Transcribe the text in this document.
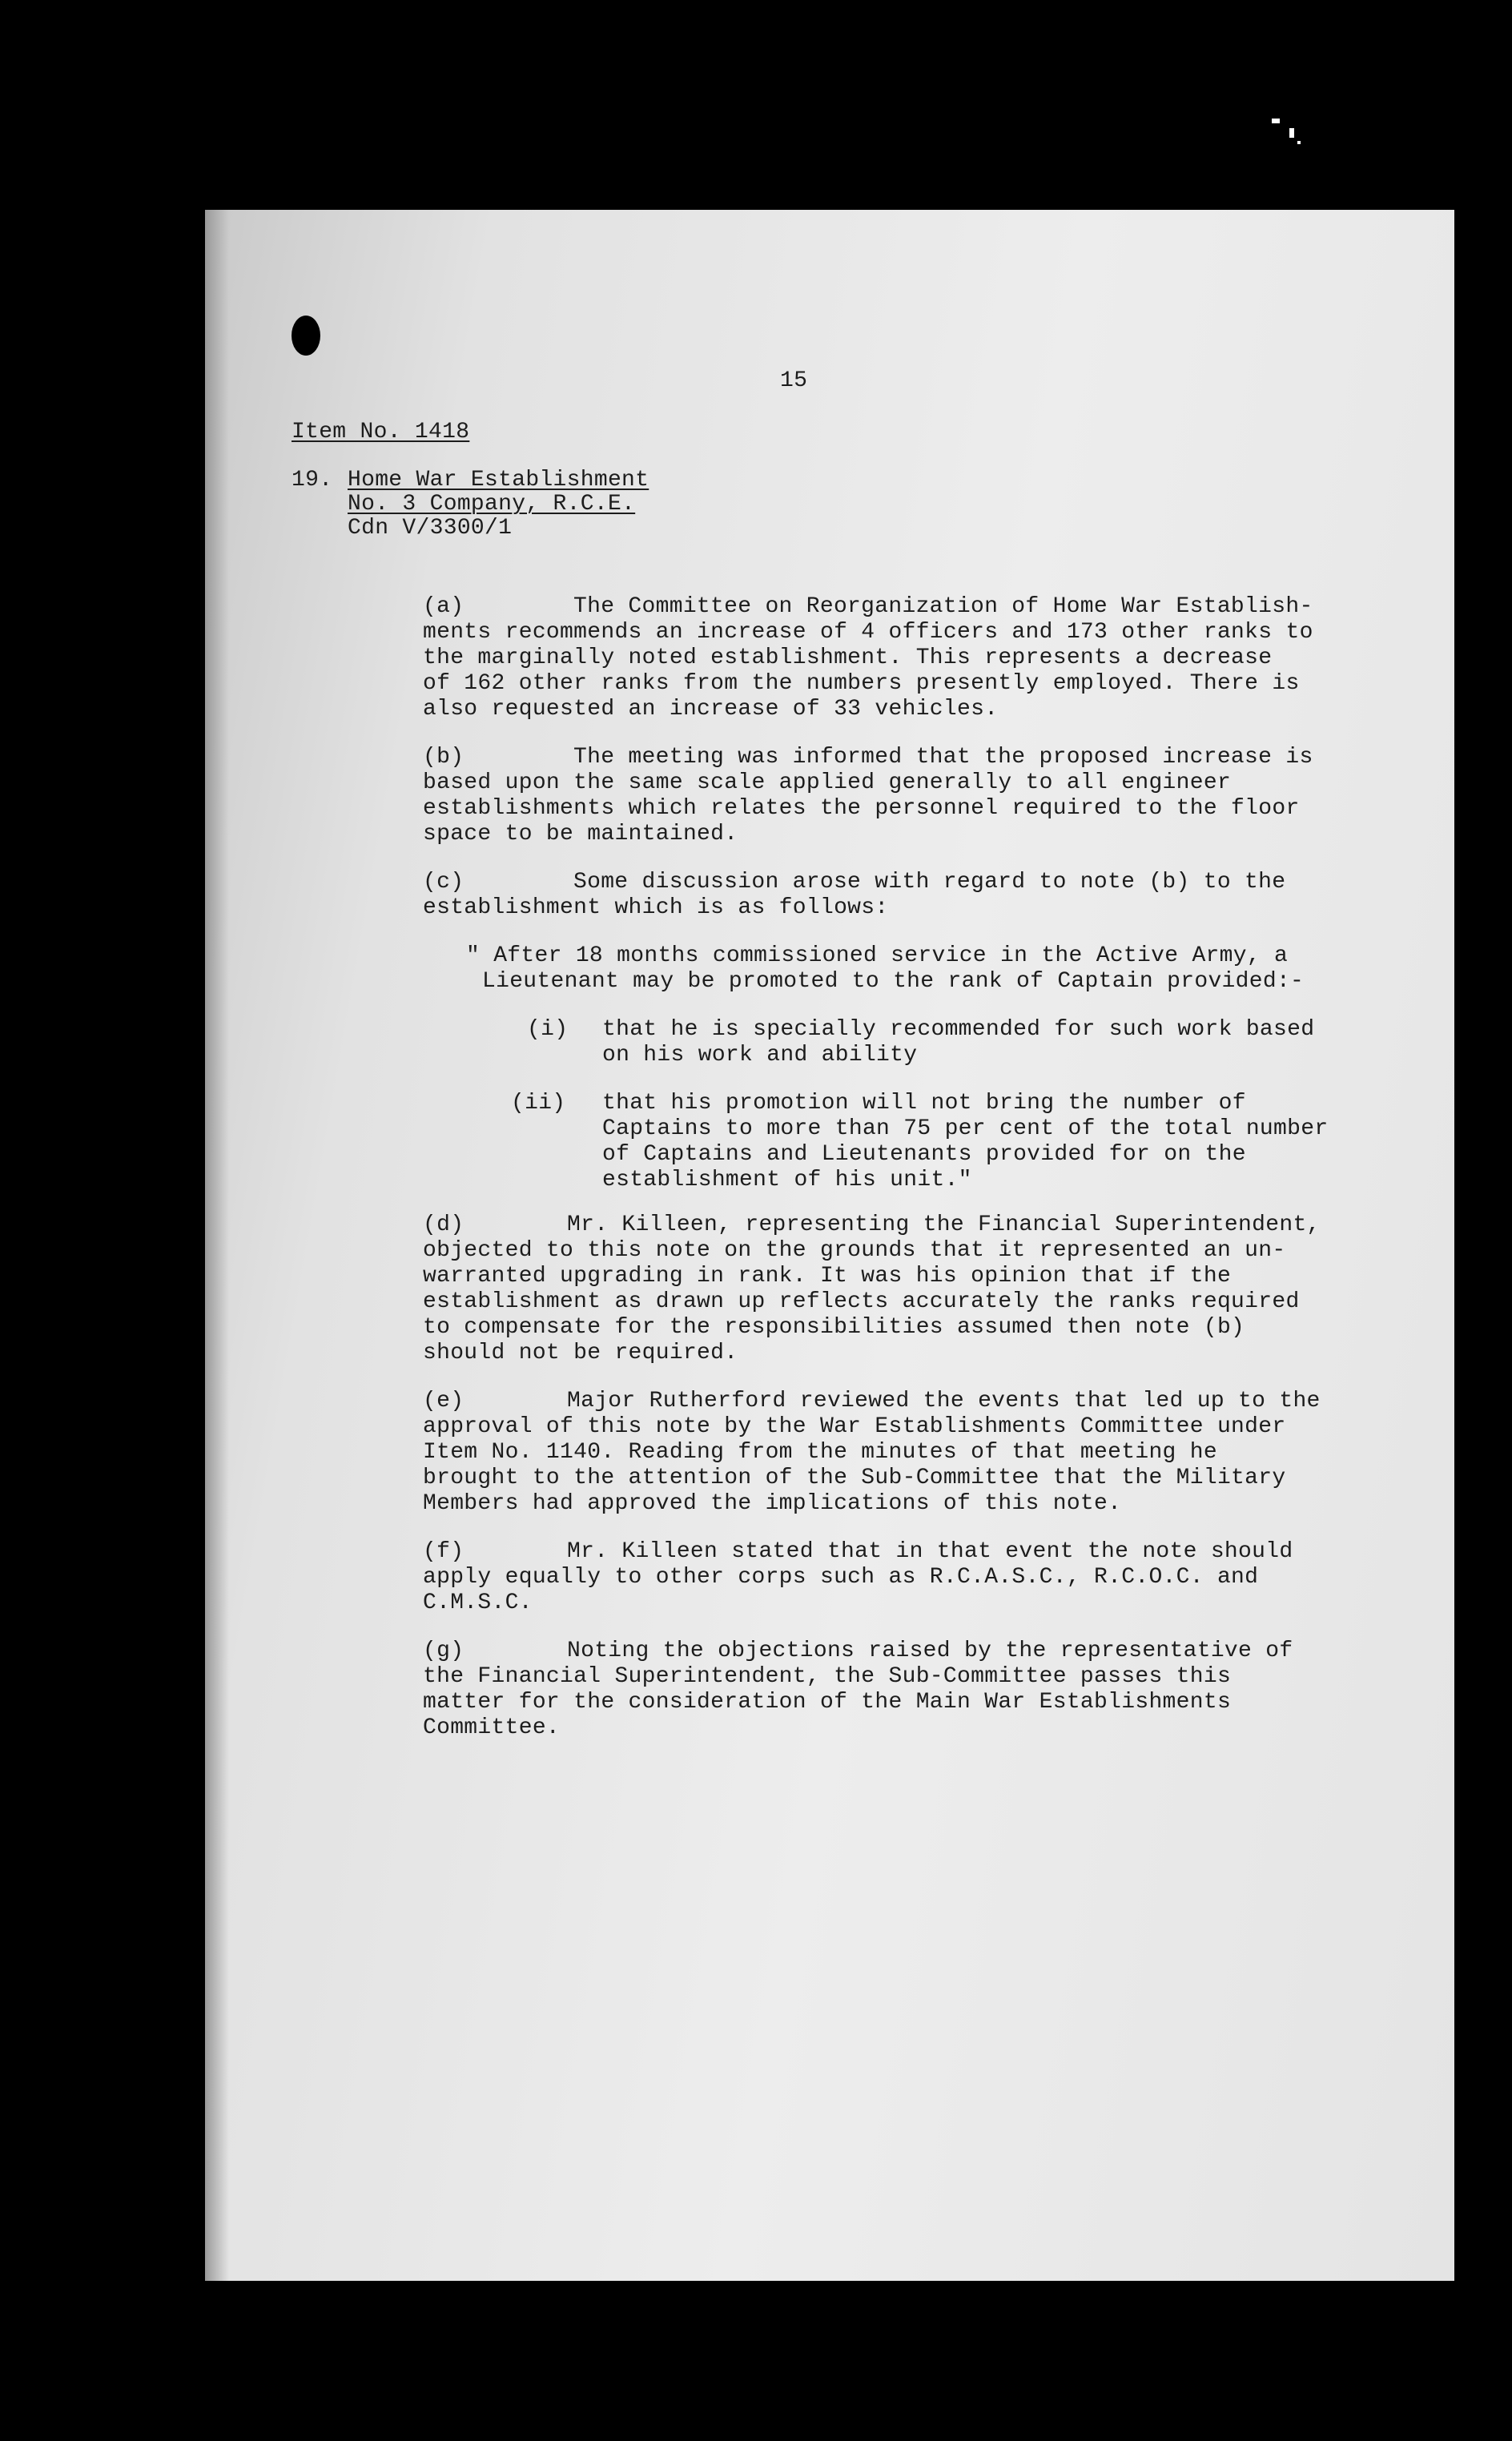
15
Item No. 1418
19. Home War Establishment
No. 3 Company, R.C.E.
Cdn V/3300/1
(a)	The Committee on Reorganization of Home War Establish-
ments recommends an increase of 4 officers and 173 other ranks to
the marginally noted establishment. This represents a decrease
of 162 other ranks from the numbers presently employed. There is
also requested an increase of 33 vehicles.
(b)	The meeting was informed that the proposed increase is
based upon the same scale applied generally to all engineer
establishments which relates the personnel required to the floor
space to be maintained.
(c)	Some discussion arose with regard to note (b) to the
establishment which is as follows:
" After 18 months commissioned service in the Active Army, a
Lieutenant may be promoted to the rank of Captain provided:-
(i) that he is specially recommended for such work based
on his work and ability
(ii) that his promotion will not bring the number of
Captains to more than 75 per cent of the total number
of Captains and Lieutenants provided for on the
establishment of his unit."
(d)	Mr. Killeen, representing the Financial Superintendent,
objected to this note on the grounds that it represented an un-
warranted upgrading in rank. It was his opinion that if the
establishment as drawn up reflects accurately the ranks required
to compensate for the responsibilities assumed then note (b)
should not be required.
(e)	Major Rutherford reviewed the events that led up to the
approval of this note by the War Establishments Committee under
Item No. 1140. Reading from the minutes of that meeting he
brought to the attention of the Sub-Committee that the Military
Members had approved the implications of this note.
(f)	Mr. Killeen stated that in that event the note should
apply equally to other corps such as R.C.A.S.C., R.C.O.C. and
C.M.S.C.
(g)	Noting the objections raised by the representative of
the Financial Superintendent, the Sub-Committee passes this
matter for the consideration of the Main War Establishments
Committee.
